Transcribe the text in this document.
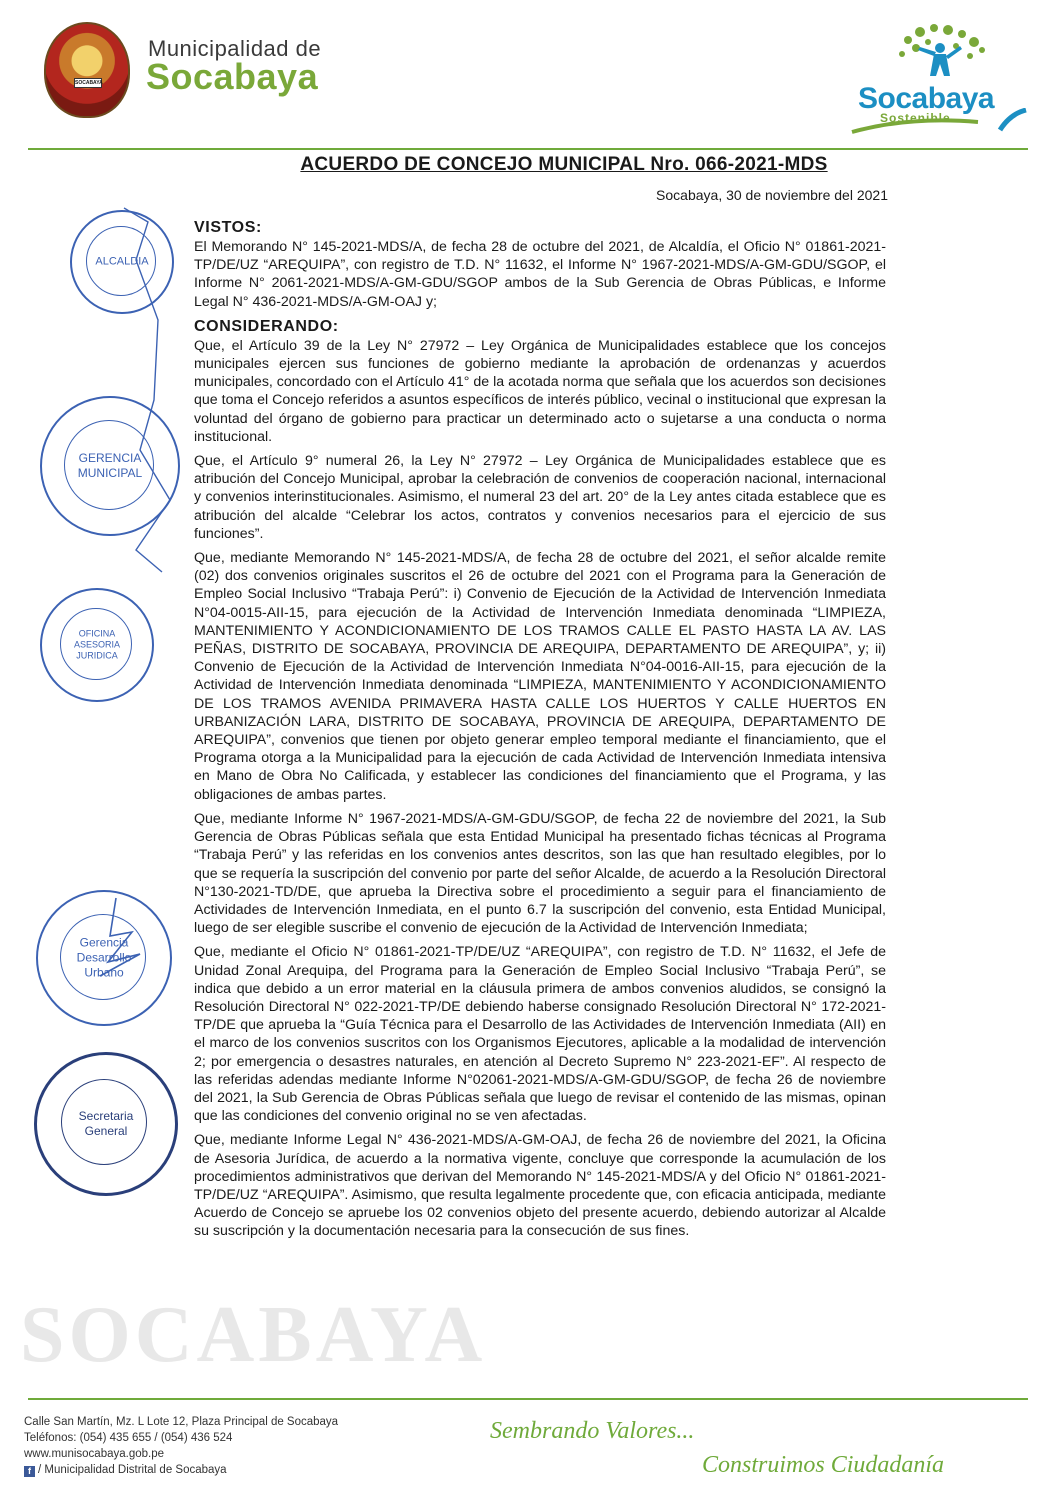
SOCABAYA
Municipalidad de
Socabaya
Socabaya
Sostenible
ACUERDO DE CONCEJO MUNICIPAL Nro. 066-2021-MDS
Socabaya, 30 de noviembre del 2021
ALCALDIA
GERENCIA
MUNICIPAL
OFICINA
ASESORIA
JURIDICA
Gerencia
Desarrollo
Urbano
Secretaria
General
SOCABAYA

VISTOS:

El Memorando N° 145-2021-MDS/A, de fecha 28 de octubre del 2021, de Alcaldía, el Oficio N° 01861-2021-TP/DE/UZ “AREQUIPA”, con registro de T.D. N° 11632, el Informe N° 1967-2021-MDS/A-GM-GDU/SGOP, el Informe N° 2061-2021-MDS/A-GM-GDU/SGOP ambos de la Sub Gerencia de Obras Públicas, e Informe Legal N° 436-2021-MDS/A-GM-OAJ y;

CONSIDERANDO:

Que, el Artículo 39 de la Ley N° 27972 – Ley Orgánica de Municipalidades establece que los concejos municipales ejercen sus funciones de gobierno mediante la aprobación de ordenanzas y acuerdos municipales, concordado con el Artículo 41° de la acotada norma que señala que los acuerdos son decisiones que toma el Concejo referidos a asuntos específicos de interés público, vecinal o institucional que expresan la voluntad del órgano de gobierno para practicar un determinado acto o sujetarse a una conducta o norma institucional.

Que, el Artículo 9° numeral 26, la Ley N° 27972 – Ley Orgánica de Municipalidades establece que es atribución del Concejo Municipal, aprobar la celebración de convenios de cooperación nacional, internacional y convenios interinstitucionales. Asimismo, el numeral 23 del art. 20° de la Ley antes citada establece que es atribución del alcalde “Celebrar los actos, contratos y convenios necesarios para el ejercicio de sus funciones”.

Que, mediante Memorando N° 145-2021-MDS/A, de fecha 28 de octubre del 2021, el señor alcalde remite (02) dos convenios originales suscritos el 26 de octubre del 2021 con el Programa para la Generación de Empleo Social Inclusivo “Trabaja Perú”: i) Convenio de Ejecución de la Actividad de Intervención Inmediata N°04-0015-AII-15, para ejecución de la Actividad de Intervención Inmediata denominada “LIMPIEZA, MANTENIMIENTO Y ACONDICIONAMIENTO DE LOS TRAMOS CALLE EL PASTO HASTA LA AV. LAS PEÑAS, DISTRITO DE SOCABAYA, PROVINCIA DE AREQUIPA, DEPARTAMENTO DE AREQUIPA”, y; ii) Convenio de Ejecución de la Actividad de Intervención Inmediata N°04-0016-AII-15, para ejecución de la Actividad de Intervención Inmediata denominada “LIMPIEZA, MANTENIMIENTO Y ACONDICIONAMIENTO DE LOS TRAMOS AVENIDA PRIMAVERA HASTA CALLE LOS HUERTOS Y CALLE HUERTOS EN URBANIZACIÓN LARA, DISTRITO DE SOCABAYA, PROVINCIA DE AREQUIPA, DEPARTAMENTO DE AREQUIPA”, convenios que tienen por objeto generar empleo temporal mediante el financiamiento, que el Programa otorga a la Municipalidad para la ejecución de cada Actividad de Intervención Inmediata intensiva en Mano de Obra No Calificada, y establecer las condiciones del financiamiento que el Programa, y las obligaciones de ambas partes.

Que, mediante Informe N° 1967-2021-MDS/A-GM-GDU/SGOP, de fecha 22 de noviembre del 2021, la Sub Gerencia de Obras Públicas señala que esta Entidad Municipal ha presentado fichas técnicas al Programa “Trabaja Perú” y las referidas en los convenios antes descritos, son las que han resultado elegibles, por lo que se requería la suscripción del convenio por parte del señor Alcalde, de acuerdo a la Resolución Directoral N°130-2021-TD/DE, que aprueba la Directiva sobre el procedimiento a seguir para el financiamiento de Actividades de Intervención Inmediata, en el punto 6.7 la suscripción del convenio, esta Entidad Municipal, luego de ser elegible suscribe el convenio de ejecución de la Actividad de Intervención Inmediata;

Que, mediante el Oficio N° 01861-2021-TP/DE/UZ “AREQUIPA”, con registro de T.D. N° 11632, el Jefe de Unidad Zonal Arequipa, del Programa para la Generación de Empleo Social Inclusivo “Trabaja Perú”, se indica que debido a un error material en la cláusula primera de ambos convenios aludidos, se consignó la Resolución Directoral N° 022-2021-TP/DE debiendo haberse consignado Resolución Directoral N° 172-2021-TP/DE que aprueba la “Guía Técnica para el Desarrollo de las Actividades de Intervención Inmediata (AII) en el marco de los convenios suscritos con los Organismos Ejecutores, aplicable a la modalidad de intervención 2; por emergencia o desastres naturales, en atención al Decreto Supremo N° 223-2021-EF”. Al respecto de las referidas adendas mediante Informe N°02061-2021-MDS/A-GM-GDU/SGOP, de fecha 26 de noviembre del 2021, la Sub Gerencia de Obras Públicas señala que luego de revisar el contenido de las mismas, opinan que las condiciones del convenio original no se ven afectadas.

Que, mediante Informe Legal N° 436-2021-MDS/A-GM-OAJ, de fecha 26 de noviembre del 2021, la Oficina de Asesoria Jurídica, de acuerdo a la normativa vigente, concluye que corresponde la acumulación de los procedimientos administrativos que derivan del Memorando N° 145-2021-MDS/A y del Oficio N° 01861-2021-TP/DE/UZ “AREQUIPA”. Asimismo, que resulta legalmente procedente que, con eficacia anticipada, mediante Acuerdo de Concejo se apruebe los 02 convenios objeto del presente acuerdo, debiendo autorizar al Alcalde su suscripción y la documentación necesaria para la consecución de sus fines.

Calle San Martín, Mz. L Lote 12, Plaza Principal de Socabaya
Teléfonos: (054) 435 655 / (054) 436 524
www.munisocabaya.gob.pe
f / Municipalidad Distrital de Socabaya
Sembrando Valores...
Construimos Ciudadanía
